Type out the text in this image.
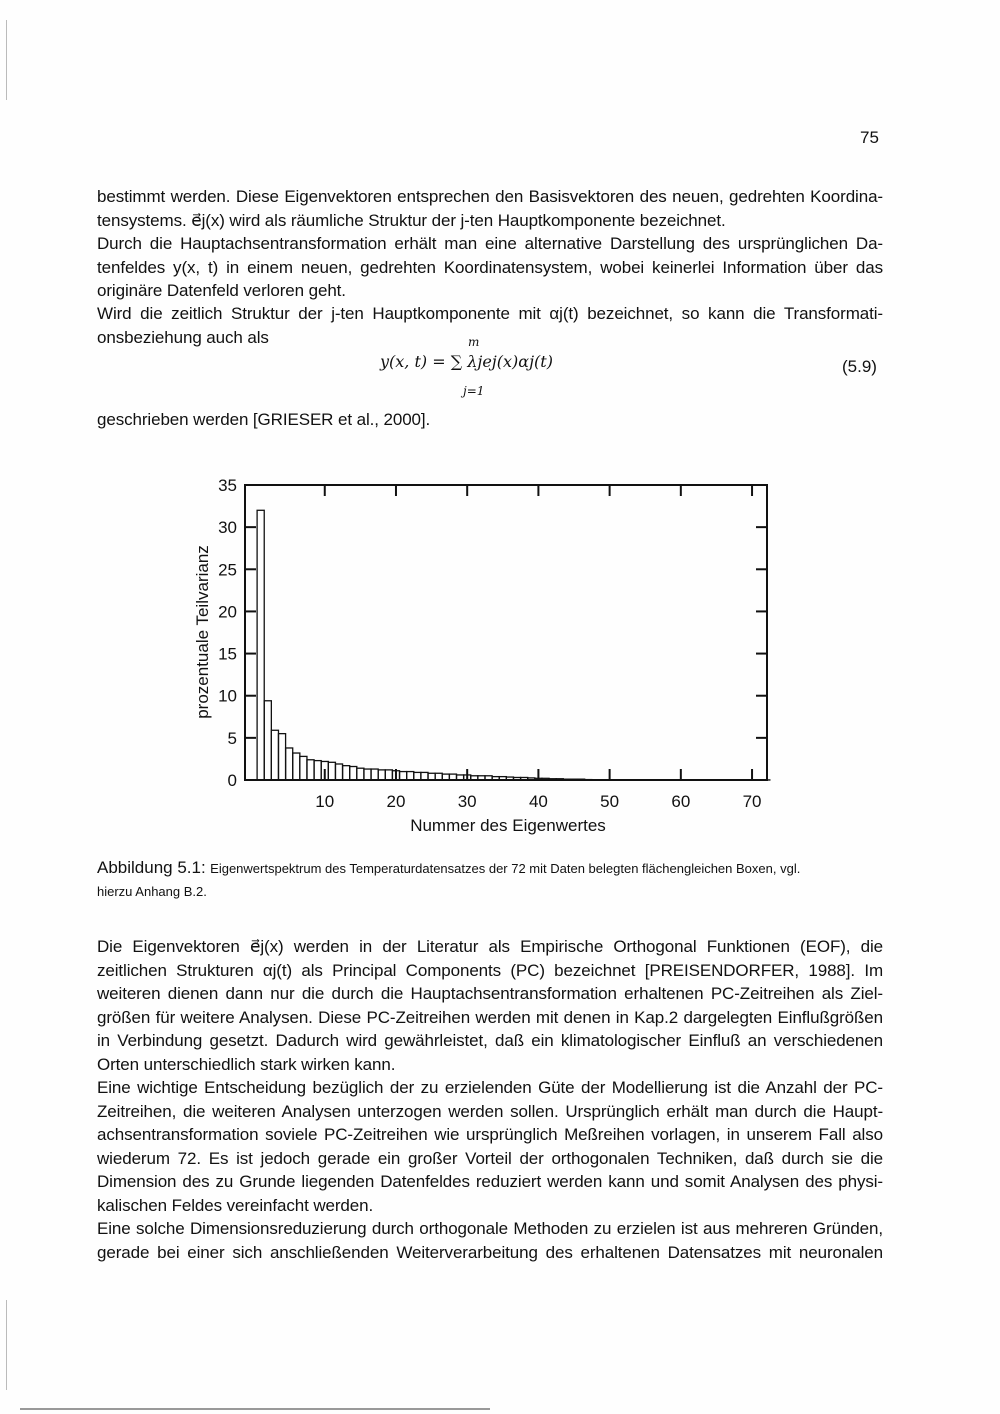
75
bestimmt werden. Diese Eigenvektoren entsprechen den Basisvektoren des neuen, gedrehten Koordina-
tensystems. e⃗j(x) wird als räumliche Struktur der j-ten Hauptkomponente bezeichnet.
Durch die Hauptachsentransformation erhält man eine alternative Darstellung des ursprünglichen Da-
tenfeldes y(x, t) in einem neuen, gedrehten Koordinatensystem, wobei keinerlei Information über das
originäre Datenfeld verloren geht.
Wird die zeitlich Struktur der j-ten Hauptkomponente mit αj(t) bezeichnet, so kann die Transformati-
onsbeziehung auch als	m
y(x, t) = ∑ λjej(x)αj(t)
j=1
(5.9)
geschrieben werden [GRIESER et al., 2000].
0
5
10
15
20
25
30
35
10	20	30	40	50	60	70
Nummer des Eigenwertes
prozentuale Teilvarianz
Abbildung 5.1: Eigenwertspektrum des Temperaturdatensatzes der 72 mit Daten belegten flächengleichen Boxen, vgl.
hierzu Anhang B.2.
Die Eigenvektoren e⃗j(x) werden in der Literatur als Empirische Orthogonal Funktionen (EOF), die
zeitlichen Strukturen αj(t) als Principal Components (PC) bezeichnet [PREISENDORFER, 1988]. Im
weiteren dienen dann nur die durch die Hauptachsentransformation erhaltenen PC-Zeitreihen als Ziel-
größen für weitere Analysen. Diese PC-Zeitreihen werden mit denen in Kap.2 dargelegten Einflußgrößen
in Verbindung gesetzt. Dadurch wird gewährleistet, daß ein klimatologischer Einfluß an verschiedenen
Orten unterschiedlich stark wirken kann.
Eine wichtige Entscheidung bezüglich der zu erzielenden Güte der Modellierung ist die Anzahl der PC-
Zeitreihen, die weiteren Analysen unterzogen werden sollen. Ursprünglich erhält man durch die Haupt-
achsentransformation soviele PC-Zeitreihen wie ursprünglich Meßreihen vorlagen, in unserem Fall also
wiederum 72. Es ist jedoch gerade ein großer Vorteil der orthogonalen Techniken, daß durch sie die
Dimension des zu Grunde liegenden Datenfeldes reduziert werden kann und somit Analysen des physi-
kalischen Feldes vereinfacht werden.
Eine solche Dimensionsreduzierung durch orthogonale Methoden zu erzielen ist aus mehreren Gründen,
gerade bei einer sich anschließenden Weiterverarbeitung des erhaltenen Datensatzes mit neuronalen
